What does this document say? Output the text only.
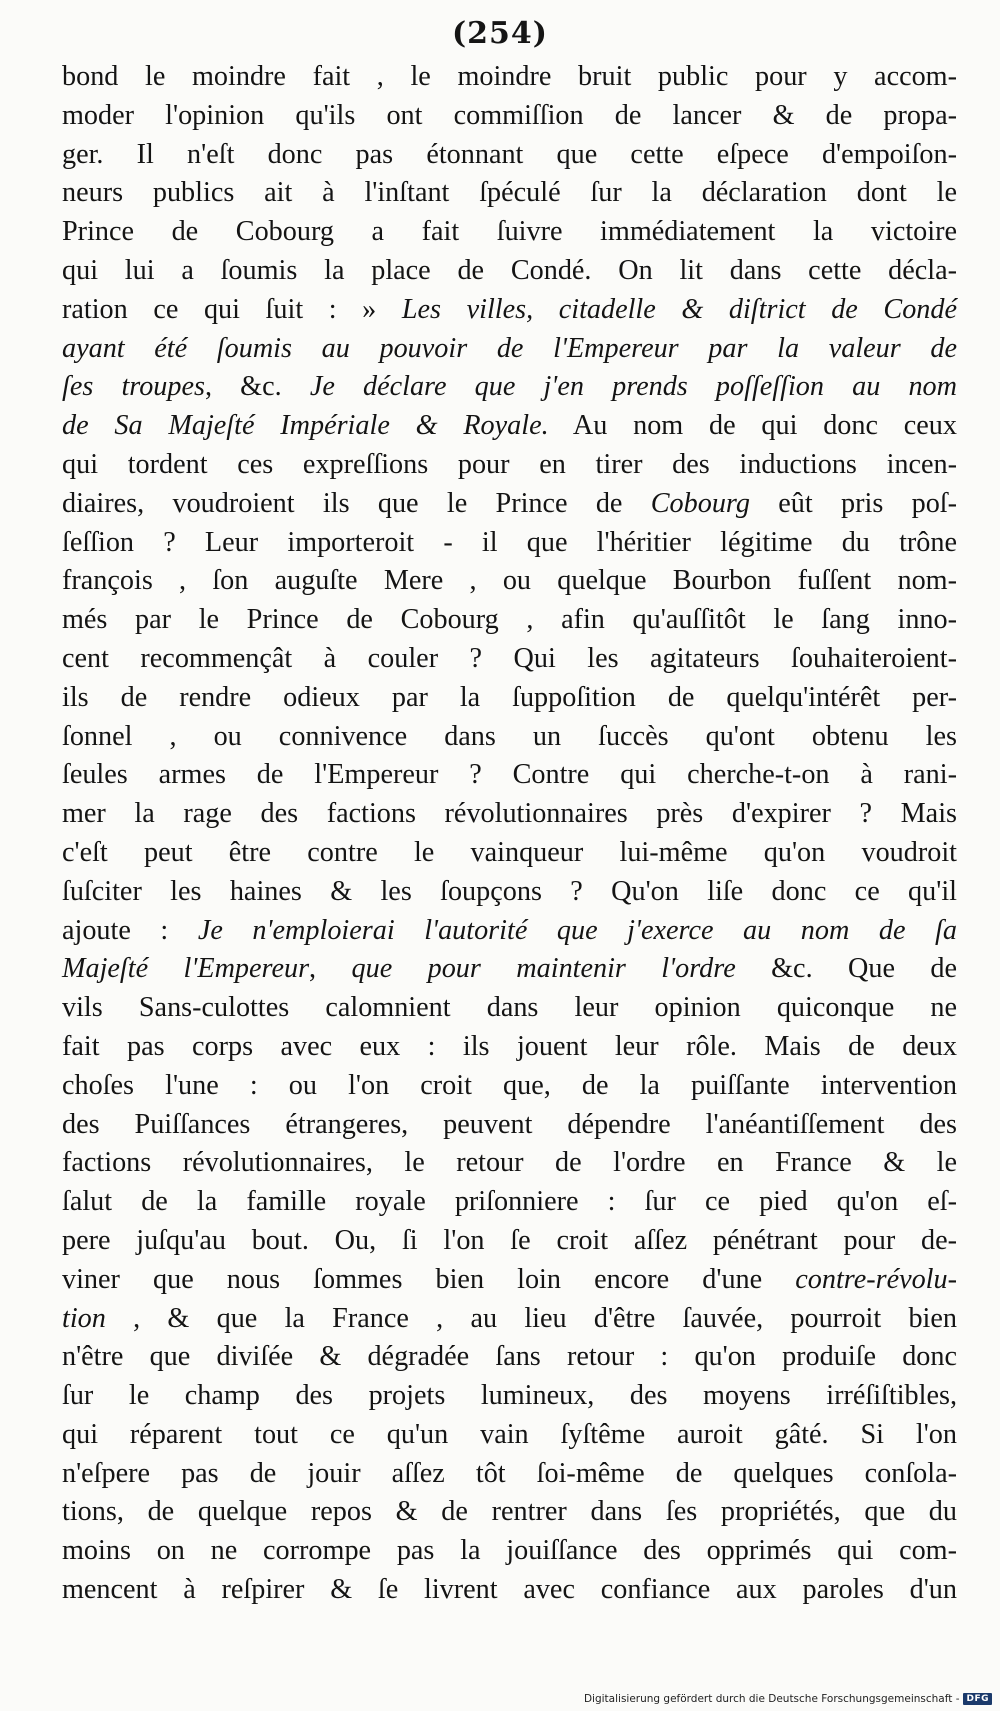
(254)
bond le moindre fait , le moindre bruit public pour y accom-
moder l'opinion qu'ils ont commiſſion de lancer & de propa-
ger. Il n'eſt donc pas étonnant que cette eſpece d'empoiſon-
neurs publics ait à l'inſtant ſpéculé ſur la déclaration dont le
Prince de Cobourg a fait ſuivre immédiatement la victoire
qui lui a ſoumis la place de Condé. On lit dans cette décla-
ration ce qui ſuit : » Les villes, citadelle & diſtrict de Condé
ayant été ſoumis au pouvoir de l'Empereur par la valeur de
ſes troupes, &c. Je déclare que j'en prends poſſeſſion au nom
de Sa Majeſté Impériale & Royale. Au nom de qui donc ceux
qui tordent ces expreſſions pour en tirer des inductions incen-
diaires, voudroient ils que le Prince de Cobourg eût pris poſ-
ſeſſion ? Leur importeroit - il que l'héritier légitime du trône
françois , ſon auguſte Mere , ou quelque Bourbon fuſſent nom-
més par le Prince de Cobourg , afin qu'auſſitôt le ſang inno-
cent recommençât à couler ? Qui les agitateurs ſouhaiteroient-
ils de rendre odieux par la ſuppoſition de quelqu'intérêt per-
ſonnel , ou connivence dans un ſuccès qu'ont obtenu les
ſeules armes de l'Empereur ? Contre qui cherche-t-on à rani-
mer la rage des factions révolutionnaires près d'expirer ? Mais
c'eſt peut être contre le vainqueur lui-même qu'on voudroit
ſuſciter les haines & les ſoupçons ? Qu'on liſe donc ce qu'il
ajoute : Je n'emploierai l'autorité que j'exerce au nom de ſa
Majeſté l'Empereur, que pour maintenir l'ordre &c. Que de
vils Sans-culottes calomnient dans leur opinion quiconque ne
fait pas corps avec eux : ils jouent leur rôle. Mais de deux
choſes l'une : ou l'on croit que, de la puiſſante intervention
des Puiſſances étrangeres, peuvent dépendre l'anéantiſſement des
factions révolutionnaires, le retour de l'ordre en France & le
ſalut de la famille royale priſonniere : ſur ce pied qu'on eſ-
pere juſqu'au bout. Ou, ſi l'on ſe croit aſſez pénétrant pour de-
viner que nous ſommes bien loin encore d'une contre-révolu-
tion , & que la France , au lieu d'être ſauvée, pourroit bien
n'être que diviſée & dégradée ſans retour : qu'on produiſe donc
ſur le champ des projets lumineux, des moyens irréſiſtibles,
qui réparent tout ce qu'un vain ſyſtême auroit gâté. Si l'on
n'eſpere pas de jouir aſſez tôt ſoi-même de quelques conſola-
tions, de quelque repos & de rentrer dans ſes propriétés, que du
moins on ne corrompe pas la jouiſſance des opprimés qui com-
mencent à reſpirer & ſe livrent avec confiance aux paroles d'un
Digitalisierung gefördert durch die Deutsche Forschungsgemeinschaft - DFG
